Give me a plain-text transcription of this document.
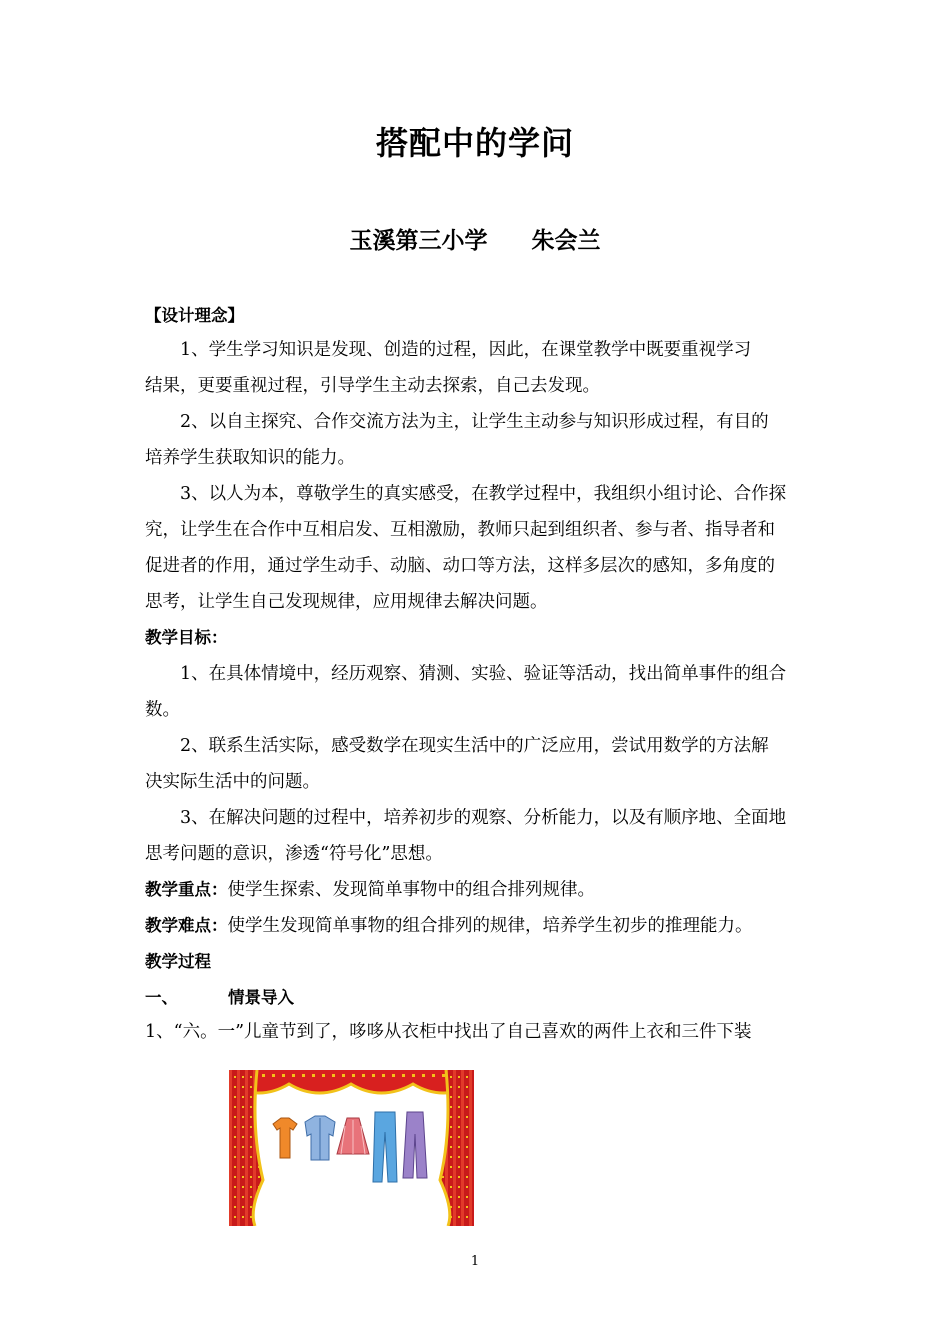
搭配中的学问
玉溪第三小学 朱会兰
【设计理念】
1、学生学习知识是发现、创造的过程，因此，在课堂教学中既要重视学习
结果，更要重视过程，引导学生主动去探索，自己去发现。
2、以自主探究、合作交流方法为主，让学生主动参与知识形成过程，有目的
培养学生获取知识的能力。
3、以人为本，尊敬学生的真实感受，在教学过程中，我组织小组讨论、合作探
究，让学生在合作中互相启发、互相激励，教师只起到组织者、参与者、指导者和
促进者的作用，通过学生动手、动脑、动口等方法，这样多层次的感知，多角度的
思考，让学生自己发现规律，应用规律去解决问题。
教学目标：
1、在具体情境中，经历观察、猜测、实验、验证等活动，找出简单事件的组合
数。
2、联系生活实际，感受数学在现实生活中的广泛应用，尝试用数学的方法解
决实际生活中的问题。
3、在解决问题的过程中，培养初步的观察、分析能力，以及有顺序地、全面地
思考问题的意识，渗透“符号化”思想。
教学重点：使学生探索、发现简单事物中的组合排列规律。
教学难点：使学生发现简单事物的组合排列的规律，培养学生初步的推理能力。
教学过程
一、	情景导入
1、“六。一”儿童节到了，哆哆从衣柜中找出了自己喜欢的两件上衣和三件下装
1
